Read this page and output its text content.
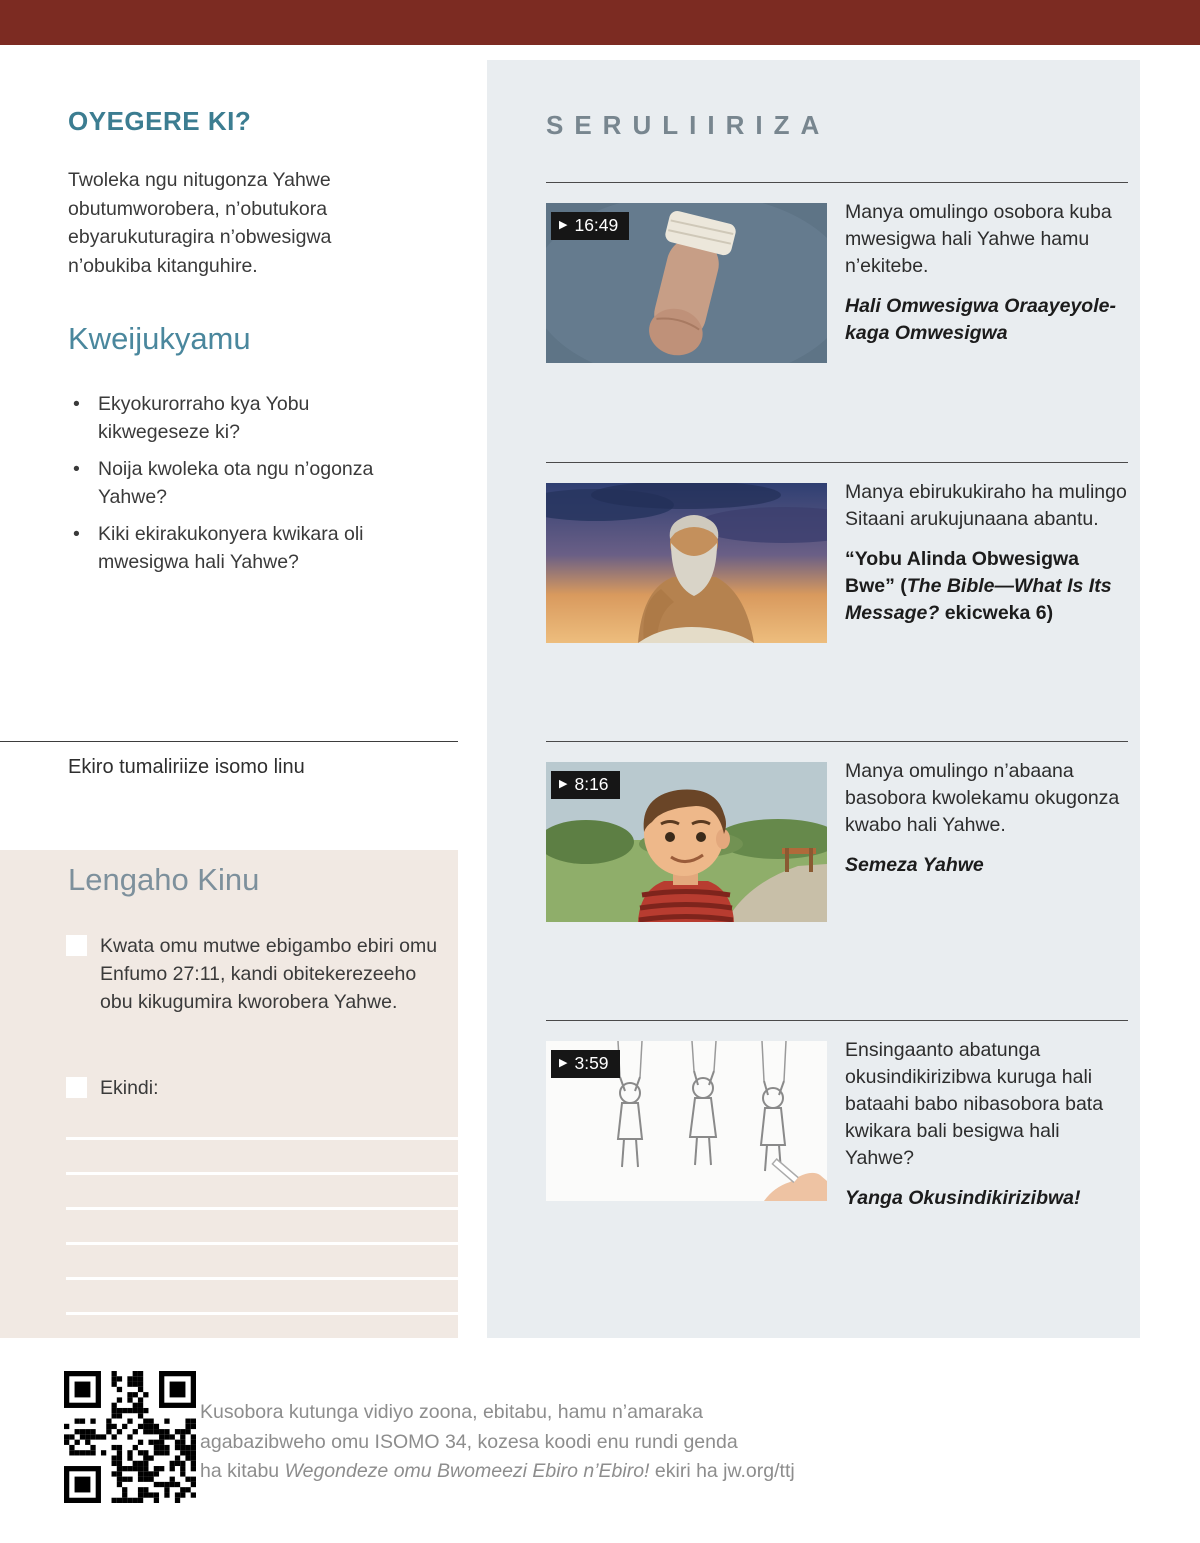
OYEGERE KI?

Twoleka ngu nitugonza Yahwe obutumworobera, n’obutukora ebyarukuturagira n’obwesigwa n’obukiba kitanguhire.

Kweijukyamu
• Ekyokurorraho kya Yobu kikwegeseze ki?
• Noija kwoleka ota ngu n’ogonza Yahwe?
• Kiki ekirakukonyera kwikara oli mwesigwa hali Yahwe?

Ekiro tumaliriize isomo linu

Lengaho Kinu
Kwata omu mutwe ebigambo ebiri omu Enfumo 27:11, kandi obitekerezeeho obu kikugumira kworobera Yahwe.
Ekindi:
SERULIIRIZA
▶ 16:49

Manya omulingo osobora kuba mwesigwa hali Yahwe hamu n’ekitebe.

Hali Omwesigwa Oraayeyolekaga Omwesigwa

Manya ebirukukiraho ha mulingo Sitaani arukujunaana abantu.

“Yobu Alinda Obwesigwa Bwe” (The Bible—What Is Its Message? ekicweka 6)

▶ 8:16

Manya omulingo n’abaana basobora kwolekamu okugonza kwabo hali Yahwe.

Semeza Yahwe

▶ 3:59

Ensingaanto abatunga okusindikirizibwa kuruga hali bataahi babo nibasobora bata kwikara bali besigwa hali Yahwe?

Yanga Okusindikirizibwa!

Kusobora kutunga vidiyo zoona, ebitabu, hamu n’amaraka
agabazibweho omu ISOMO 34, kozesa koodi enu rundi genda
ha kitabu Wegondeze omu Bwomeezi Ebiro n’Ebiro! ekiri ha jw.org/ttj
